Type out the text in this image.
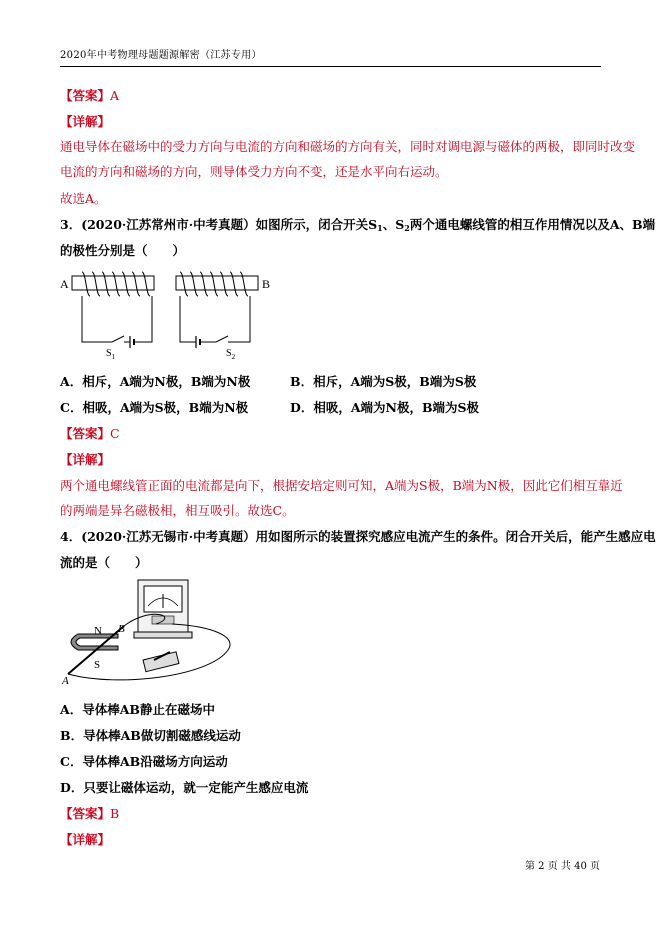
2020年中考物理母题题源解密（江苏专用）
【答案】A
【详解】
通电导体在磁场中的受力方向与电流的方向和磁场的方向有关，同时对调电源与磁体的两极，即同时改变
电流的方向和磁场的方向，则导体受力方向不变，还是水平向右运动。
故选A。
3．(2020·江苏常州市·中考真题）如图所示，闭合开关$S_1$、$S_2$两个通电螺线管的相互作用情况以及A、B端
的极性分别是（　　）
A	B
$S_1$	$S_2$
A．相斥，A端为N极，B端为N极	B．相斥，A端为S极，B端为S极
C．相吸，A端为S极，B端为N极	D．相吸，A端为N极，B端为S极
【答案】C
【详解】
两个通电螺线管正面的电流都是向下，根据安培定则可知，A端为S极，B端为N极，因此它们相互靠近
的两端是异名磁极相，相互吸引。故选C。
4．(2020·江苏无锡市·中考真题）用如图所示的装置探究感应电流产生的条件。闭合开关后，能产生感应电
流的是（　　）
N
S
B
A
A．导体棒AB静止在磁场中
B．导体棒AB做切割磁感线运动
C．导体棒AB沿磁场方向运动
D．只要让磁体运动，就一定能产生感应电流
【答案】B
【详解】
第 2 页 共 40 页
